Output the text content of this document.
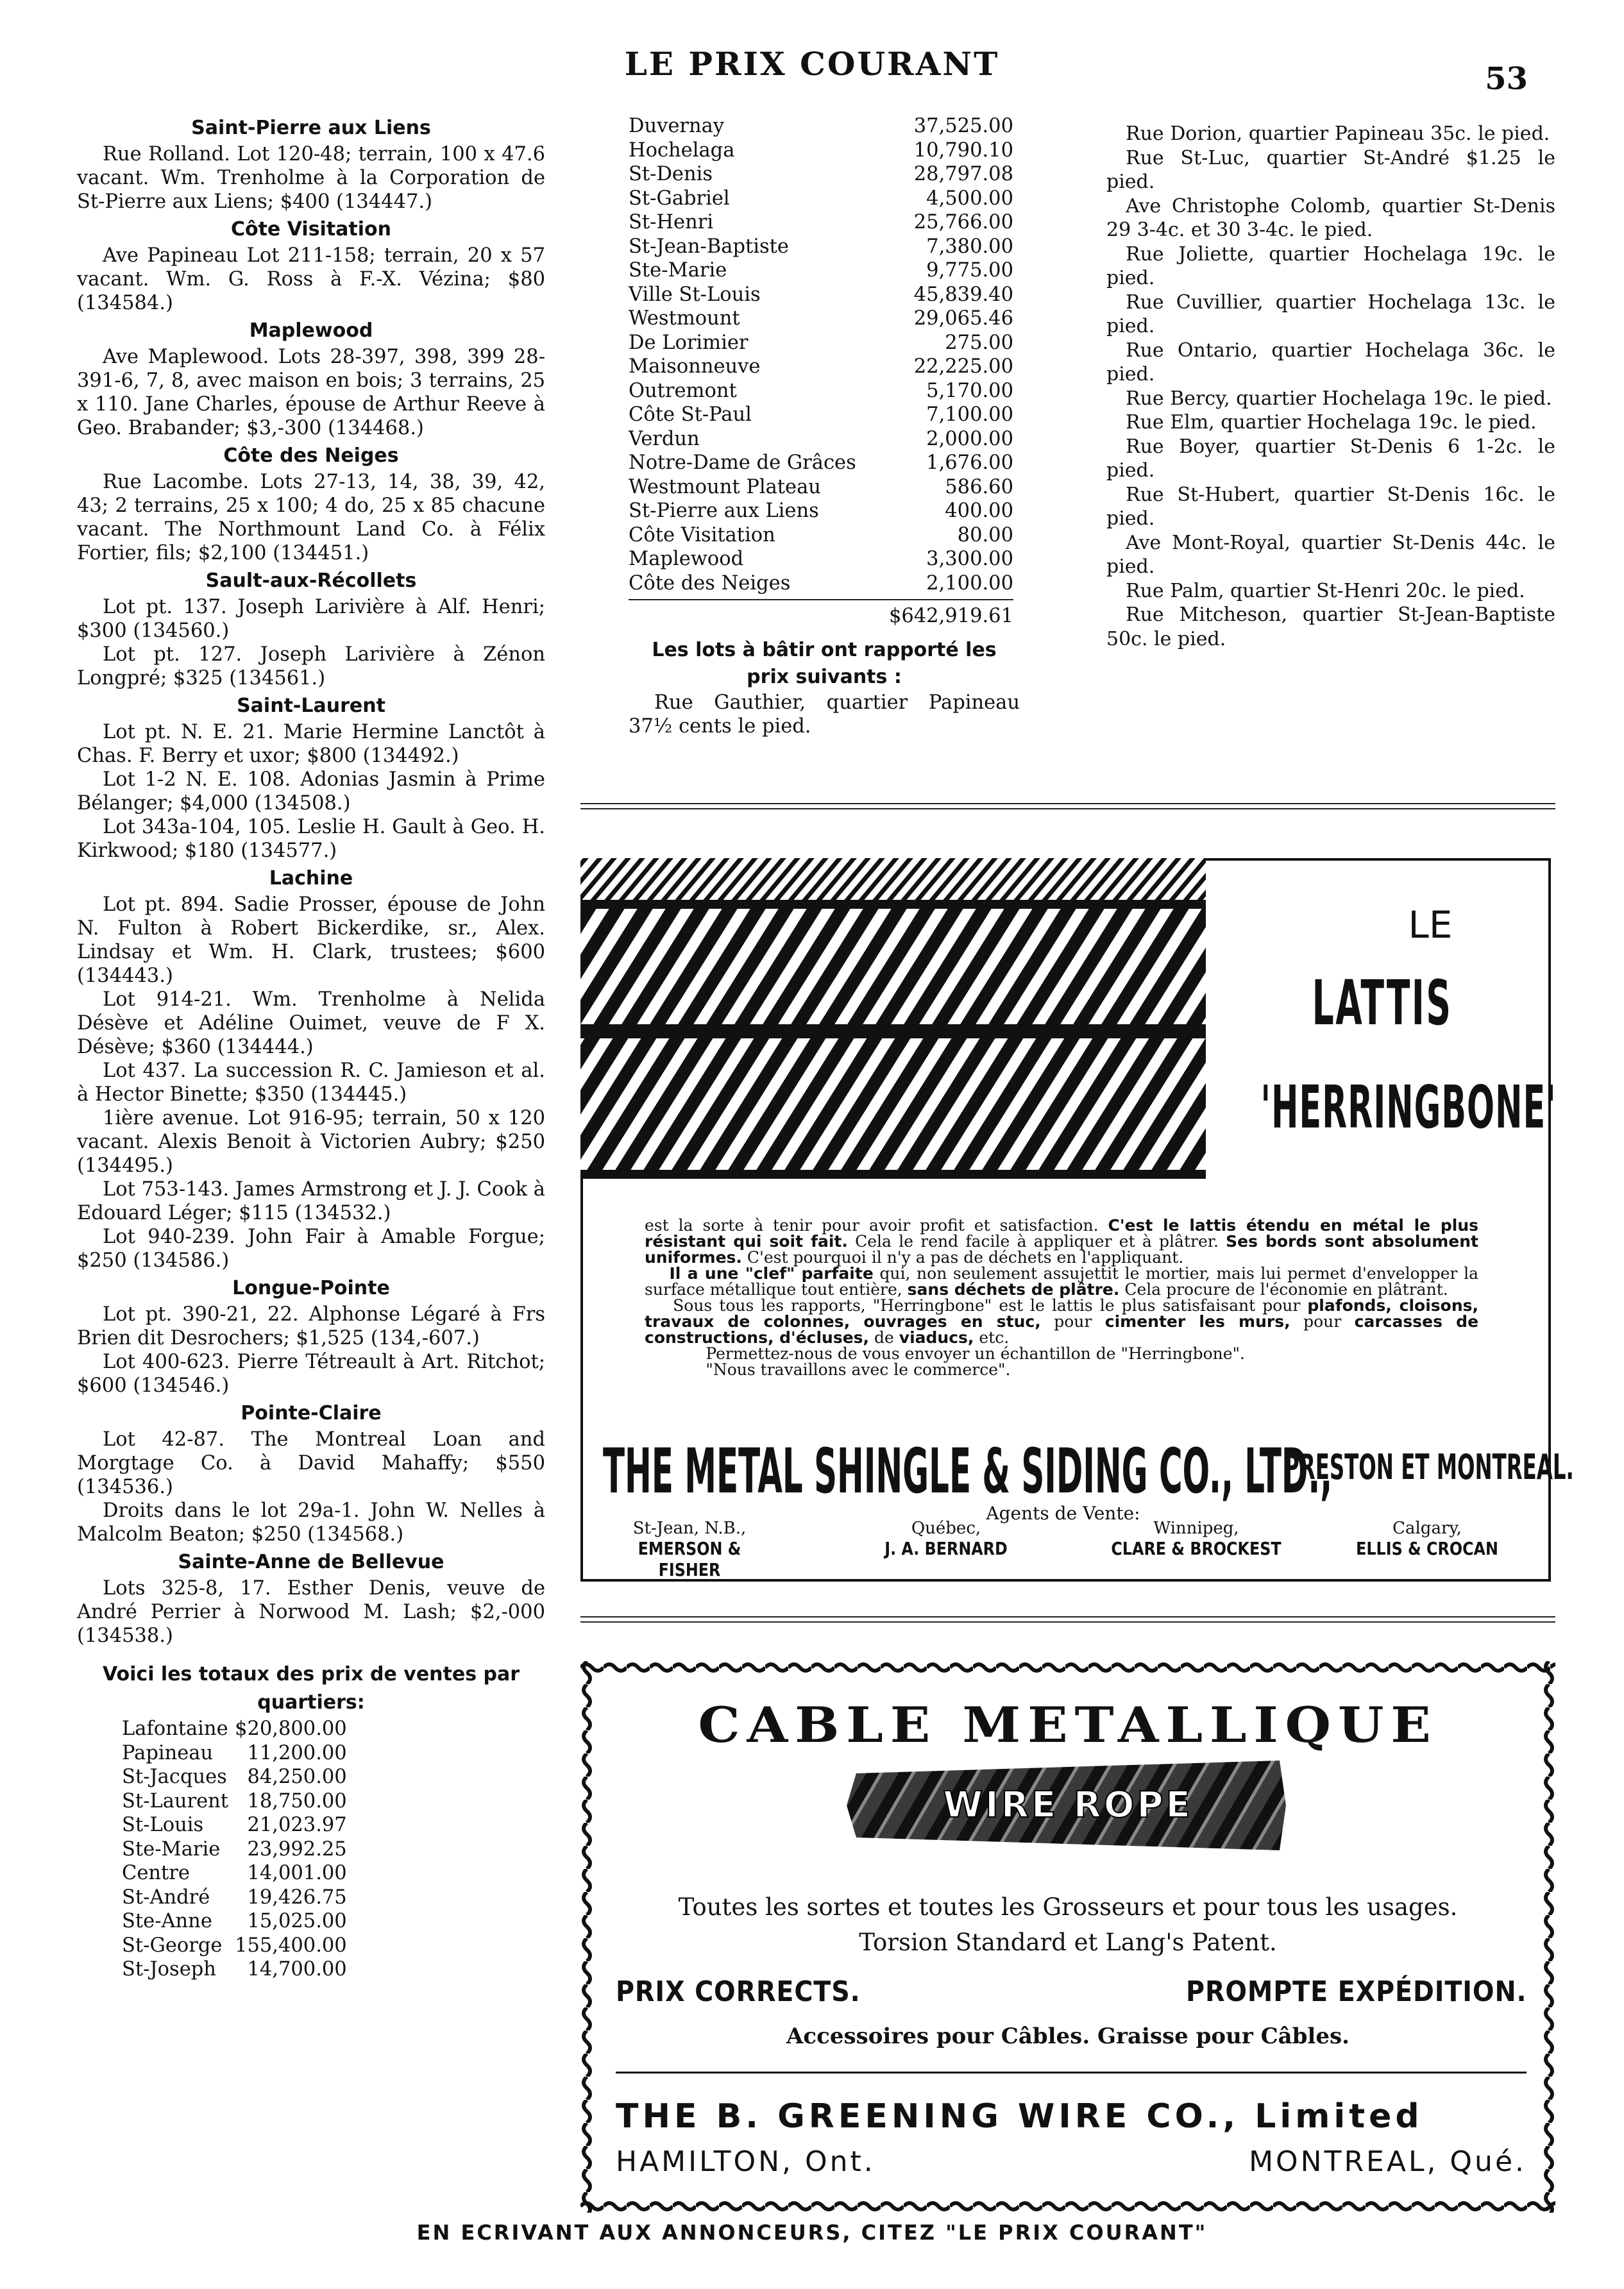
LE PRIX COURANT	53
Saint-Pierre aux Liens

Rue Rolland. Lot 120-48; terrain, 100 x 47.6 vacant. Wm. Trenholme à la Corporation de St-Pierre aux Liens; $400 (134447.)

Côte Visitation

Ave Papineau Lot 211-158; terrain, 20 x 57 vacant. Wm. G. Ross à F.-X. Vézina; $80 (134584.)

Maplewood

Ave Maplewood. Lots 28-397, 398, 399 28-391-6, 7, 8, avec maison en bois; 3 terrains, 25 x 110. Jane Charles, épouse de Arthur Reeve à Geo. Brabander; $3,-300 (134468.)

Côte des Neiges

Rue Lacombe. Lots 27-13, 14, 38, 39, 42, 43; 2 terrains, 25 x 100; 4 do, 25 x 85 chacune vacant. The Northmount Land Co. à Félix Fortier, fils; $2,100 (134451.)

Sault-aux-Récollets

Lot pt. 137. Joseph Larivière à Alf. Henri; $300 (134560.)

Lot pt. 127. Joseph Larivière à Zénon Longpré; $325 (134561.)

Saint-Laurent

Lot pt. N. E. 21. Marie Hermine Lanctôt à Chas. F. Berry et uxor; $800 (134492.)

Lot 1-2 N. E. 108. Adonias Jasmin à Prime Bélanger; $4,000 (134508.)

Lot 343a-104, 105. Leslie H. Gault à Geo. H. Kirkwood; $180 (134577.)

Lachine

Lot pt. 894. Sadie Prosser, épouse de John N. Fulton à Robert Bickerdike, sr., Alex. Lindsay et Wm. H. Clark, trustees; $600 (134443.)

Lot 914-21. Wm. Trenholme à Nelida Désève et Adéline Ouimet, veuve de F X. Désève; $360 (134444.)

Lot 437. La succession R. C. Jamieson et al. à Hector Binette; $350 (134445.)

1ière avenue. Lot 916-95; terrain, 50 x 120 vacant. Alexis Benoit à Victorien Aubry; $250 (134495.)

Lot 753-143. James Armstrong et J. J. Cook à Edouard Léger; $115 (134532.)

Lot 940-239. John Fair à Amable Forgue; $250 (134586.)

Longue-Pointe

Lot pt. 390-21, 22. Alphonse Légaré à Frs Brien dit Desrochers; $1,525 (134,-607.)

Lot 400-623. Pierre Tétreault à Art. Ritchot; $600 (134546.)

Pointe-Claire

Lot 42-87. The Montreal Loan and Morgtage Co. à David Mahaffy; $550 (134536.)

Droits dans le lot 29a-1. John W. Nelles à Malcolm Beaton; $250 (134568.)

Sainte-Anne de Bellevue

Lots 325-8, 17. Esther Denis, veuve de André Perrier à Norwood M. Lash; $2,-000 (134538.)

Voici les totaux des prix de ventes par quartiers:
Lafontaine	$20,800.00
Papineau	11,200.00
St-Jacques	84,250.00
St-Laurent	18,750.00
St-Louis	21,023.97
Ste-Marie	23,992.25
Centre	14,001.00
St-André	19,426.75
Ste-Anne	15,025.00
St-George	155,400.00
St-Joseph	14,700.00
Duvernay	37,525.00
Hochelaga	10,790.10
St-Denis	28,797.08
St-Gabriel	4,500.00
St-Henri	25,766.00
St-Jean-Baptiste	7,380.00
Ste-Marie	9,775.00
Ville St-Louis	45,839.40
Westmount	29,065.46
De Lorimier	275.00
Maisonneuve	22,225.00
Outremont	5,170.00
Côte St-Paul	7,100.00
Verdun	2,000.00
Notre-Dame de Grâces	1,676.00
Westmount Plateau	586.60
St-Pierre aux Liens	400.00
Côte Visitation	80.00
Maplewood	3,300.00
Côte des Neiges	2,100.00
$642,919.61
Les lots à bâtir ont rapporté les prix suivants :

Rue Gauthier, quartier Papineau 37½ cents le pied.

Rue Dorion, quartier Papineau 35c. le pied.

Rue St-Luc, quartier St-André $1.25 le pied.

Ave Christophe Colomb, quartier St-Denis 29 3-4c. et 30 3-4c. le pied.

Rue Joliette, quartier Hochelaga 19c. le pied.

Rue Cuvillier, quartier Hochelaga 13c. le pied.

Rue Ontario, quartier Hochelaga 36c. le pied.

Rue Bercy, quartier Hochelaga 19c. le pied.

Rue Elm, quartier Hochelaga 19c. le pied.

Rue Boyer, quartier St-Denis 6 1-2c. le pied.

Rue St-Hubert, quartier St-Denis 16c. le pied.

Ave Mont-Royal, quartier St-Denis 44c. le pied.

Rue Palm, quartier St-Henri 20c. le pied.

Rue Mitcheson, quartier St-Jean-Baptiste 50c. le pied.

LE
LATTIS
'HERRINGBONE'
est la sorte à tenir pour avoir profit et satisfaction. C'est le lattis étendu en métal le plus résistant qui soit fait. Cela le rend facile à appliquer et à plâtrer. Ses bords sont absolument uniformes. C'est pourquoi il n'y a pas de déchets en l'appliquant.
Il a une "clef" parfaite qui, non seulement assujettit le mortier, mais lui permet d'envelopper la surface métallique tout entière, sans déchets de plâtre. Cela procure de l'économie en plâtrant.
Sous tous les rapports, "Herringbone" est le lattis le plus satisfaisant pour plafonds, cloisons, travaux de colonnes, ouvrages en stuc, pour cimenter les murs, pour carcasses de constructions, d'écluses, de viaducs, etc.
Permettez-nous de vous envoyer un échantillon de "Herringbone".
"Nous travaillons avec le commerce".
THE METAL SHINGLE & SIDING CO., LTD.,
PRESTON ET MONTREAL.
Agents de Vente:
St-Jean, N.B.,
EMERSON & FISHER
Québec,
J. A. BERNARD
Winnipeg,
CLARE & BROCKEST
Calgary,
ELLIS & CROCAN
CABLE METALLIQUE
WIRE ROPE
Toutes les sortes et toutes les Grosseurs et pour tous les usages.
Torsion Standard et Lang's Patent.
PRIX CORRECTS.	PROMPTE EXPÉDITION.
Accessoires pour Câbles. Graisse pour Câbles.
THE B. GREENING WIRE CO., Limited
HAMILTON, Ont.	MONTREAL, Qué.
EN ECRIVANT AUX ANNONCEURS, CITEZ "LE PRIX COURANT"
